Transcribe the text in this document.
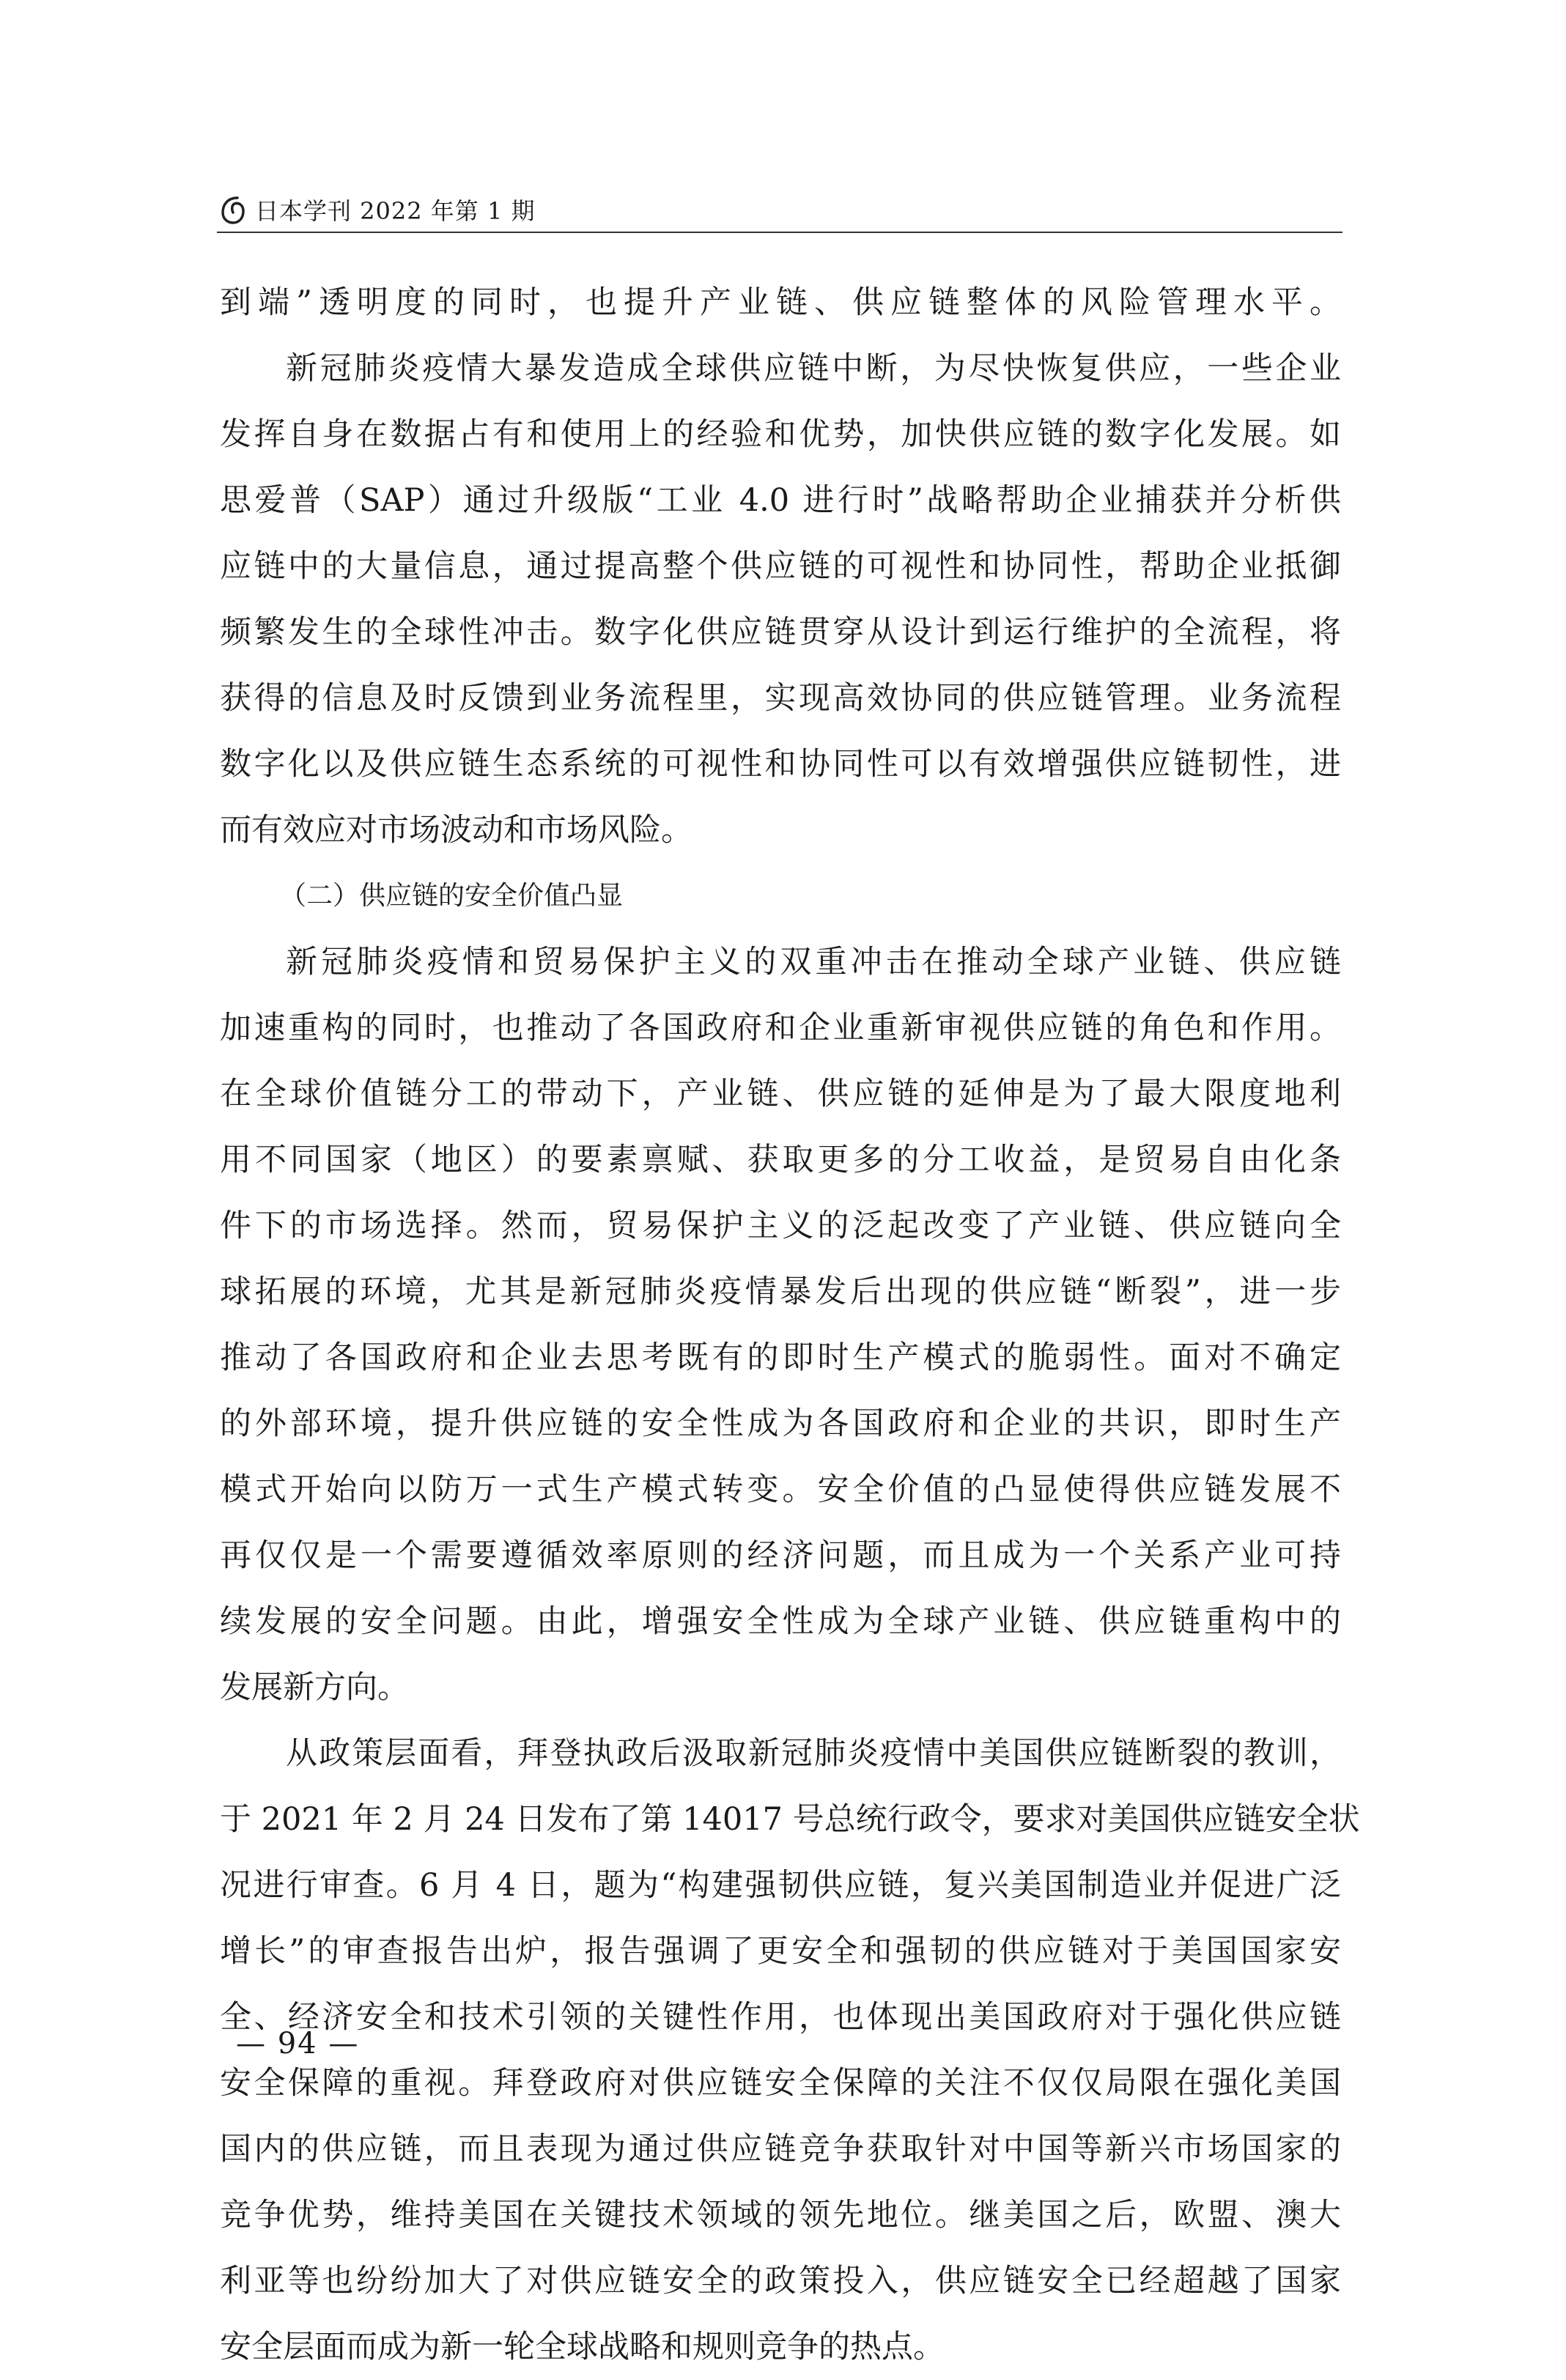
日本学刊 2022 年第 1 期
到端”透明度的同时，也提升产业链、供应链整体的风险管理水平。
新冠肺炎疫情大暴发造成全球供应链中断，为尽快恢复供应，一些企业
发挥自身在数据占有和使用上的经验和优势，加快供应链的数字化发展。如
思爱普（SAP）通过升级版“工业 4.0 进行时”战略帮助企业捕获并分析供
应链中的大量信息，通过提高整个供应链的可视性和协同性，帮助企业抵御
频繁发生的全球性冲击。数字化供应链贯穿从设计到运行维护的全流程，将
获得的信息及时反馈到业务流程里，实现高效协同的供应链管理。业务流程
数字化以及供应链生态系统的可视性和协同性可以有效增强供应链韧性，进
而有效应对市场波动和市场风险。
（二）供应链的安全价值凸显
新冠肺炎疫情和贸易保护主义的双重冲击在推动全球产业链、供应链
加速重构的同时，也推动了各国政府和企业重新审视供应链的角色和作用。
在全球价值链分工的带动下，产业链、供应链的延伸是为了最大限度地利
用不同国家（地区）的要素禀赋、获取更多的分工收益，是贸易自由化条
件下的市场选择。然而，贸易保护主义的泛起改变了产业链、供应链向全
球拓展的环境，尤其是新冠肺炎疫情暴发后出现的供应链“断裂”，进一步
推动了各国政府和企业去思考既有的即时生产模式的脆弱性。面对不确定
的外部环境，提升供应链的安全性成为各国政府和企业的共识，即时生产
模式开始向以防万一式生产模式转变。安全价值的凸显使得供应链发展不
再仅仅是一个需要遵循效率原则的经济问题，而且成为一个关系产业可持
续发展的安全问题。由此，增强安全性成为全球产业链、供应链重构中的
发展新方向。
从政策层面看，拜登执政后汲取新冠肺炎疫情中美国供应链断裂的教训，
于 2021 年 2 月 24 日发布了第 14017 号总统行政令，要求对美国供应链安全状
况进行审查。6 月 4 日，题为“构建强韧供应链，复兴美国制造业并促进广泛
增长”的审查报告出炉，报告强调了更安全和强韧的供应链对于美国国家安
全、经济安全和技术引领的关键性作用，也体现出美国政府对于强化供应链
安全保障的重视。拜登政府对供应链安全保障的关注不仅仅局限在强化美国
国内的供应链，而且表现为通过供应链竞争获取针对中国等新兴市场国家的
竞争优势，维持美国在关键技术领域的领先地位。继美国之后，欧盟、澳大
利亚等也纷纷加大了对供应链安全的政策投入，供应链安全已经超越了国家
安全层面而成为新一轮全球战略和规则竞争的热点。
— 94 —
